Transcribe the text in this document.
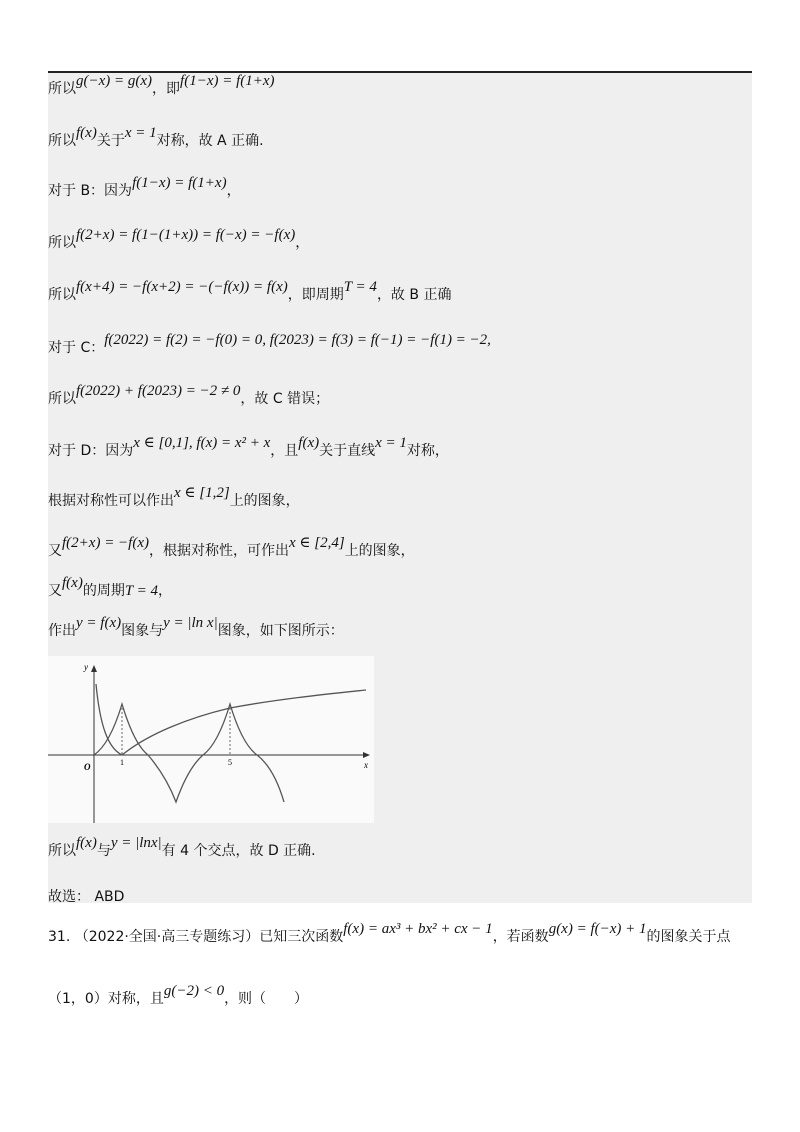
所以g(−x) = g(x)，即f(1−x) = f(1+x)
所以f(x)关于x = 1对称，故 A 正确.
对于 B：因为f(1−x) = f(1+x)，
所以f(2+x) = f(1−(1+x)) = f(−x) = −f(x)，
所以f(x+4) = −f(x+2) = −(−f(x)) = f(x)，即周期T = 4，故 B 正确
对于 C：f(2022) = f(2) = −f(0) = 0, f(2023) = f(3) = f(−1) = −f(1) = −2,
所以f(2022) + f(2023) = −2 ≠ 0，故 C 错误；
对于 D：因为x ∈ [0,1], f(x) = x² + x，且f(x)关于直线x = 1对称，
根据对称性可以作出x ∈ [1,2]上的图象，
又f(2+x) = −f(x)，根据对称性，可作出x ∈ [2,4]上的图象，
又f(x)的周期T = 4，
作出y = f(x)图象与y = |ln x|图象，如下图所示：
y
x
O	1	5
所以f(x)与y = |lnx|有 4 个交点，故 D 正确.
故选： ABD
31. （2022·全国·高三专题练习）已知三次函数f(x) = ax³ + bx² + cx − 1，若函数g(x) = f(−x) + 1的图象关于点
（1，0）对称，且g(−2) < 0，则（　　）
